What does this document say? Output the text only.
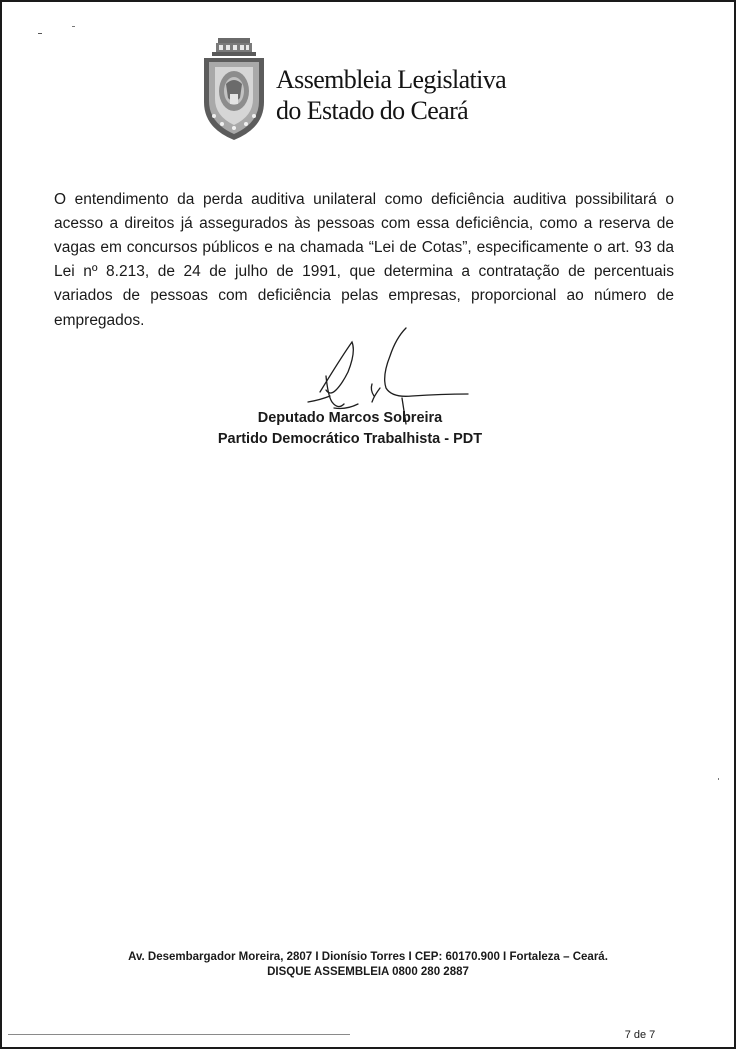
Assembleia Legislativa
do Estado do Ceará

O entendimento da perda auditiva unilateral como deficiência auditiva possibilitará o acesso a direitos já assegurados às pessoas com essa deficiência, como a reserva de vagas em concursos públicos e na chamada “Lei de Cotas”, especificamente o art. 93 da Lei nº 8.213, de 24 de julho de 1991, que determina a contratação de percentuais variados de pessoas com deficiência pelas empresas, proporcional ao número de empregados.

Deputado Marcos Sobreira
Partido Democrático Trabalhista - PDT
Av. Desembargador Moreira, 2807 I Dionísio Torres I CEP: 60170.900 I Fortaleza – Ceará.
DISQUE ASSEMBLEIA 0800 280 2887
7 de 7
